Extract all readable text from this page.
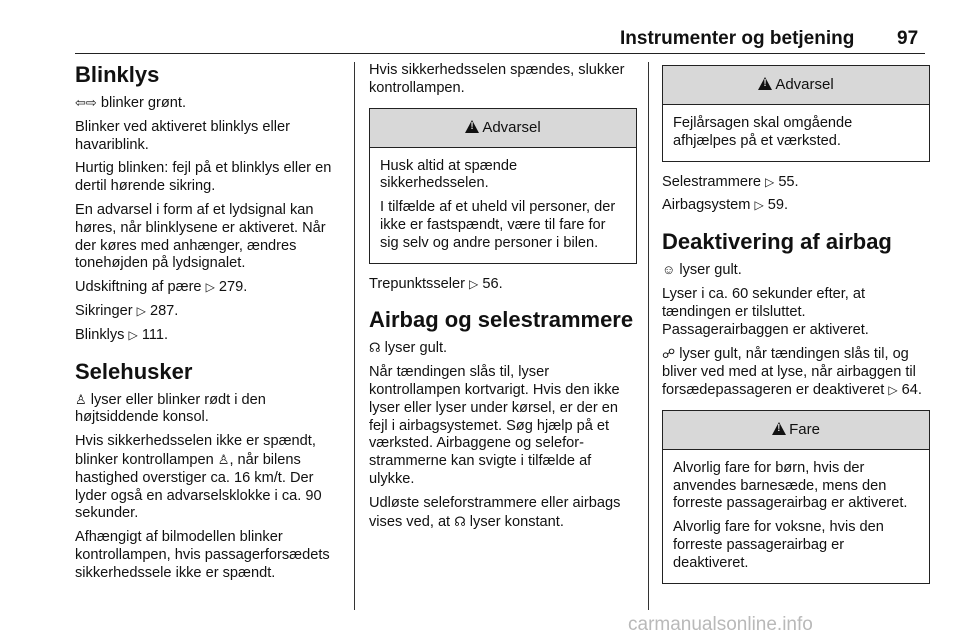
Instrumenter og betjening 97
Blinklys

⇦⇨ blinker grønt.

Blinker ved aktiveret blinklys eller havariblink.

Hurtig blinken: fejl på et blinklys eller en dertil hørende sikring.

En advarsel i form af et lydsignal kan høres, når blinklysene er aktiveret. Når der køres med anhænger, ændres tonehøjden på lydsignalet.

Udskiftning af pære ▷ 279.

Sikringer ▷ 287.

Blinklys ▷ 111.

Selehusker

♙ lyser eller blinker rødt i den højtsiddende konsol.

Hvis sikkerhedsselen ikke er spændt, blinker kontrollampen ♙, når bilens hastighed overstiger ca. 16 km/t. Der lyder også en advarselsklokke i ca. 90 sekunder.

Afhængigt af bilmodellen blinker kontrollampen, hvis passagerforsædets sikkerhedssele ikke er spændt.

Hvis sikkerhedsselen spændes, slukker kontrollampen.

!Advarsel

Husk altid at spænde sikkerhedsselen.

I tilfælde af et uheld vil personer, der ikke er fastspændt, være til fare for sig selv og andre personer i bilen.

Trepunktsseler ▷ 56.

Airbag og selestrammere

☊ lyser gult.

Når tændingen slås til, lyser kontrollampen kortvarigt. Hvis den ikke lyser eller lyser under kørsel, er der en fejl i airbagsystemet. Søg hjælp på et værksted. Airbaggene og seleforstrammerne kan svigte i tilfælde af ulykke.

Udløste seleforstrammere eller airbags vises ved, at ☊ lyser konstant.

!Advarsel

Fejlårsagen skal omgående afhjælpes på et værksted.

Selestrammere ▷ 55.

Airbagsystem ▷ 59.

Deaktivering af airbag

☺ lyser gult.

Lyser i ca. 60 sekunder efter, at tændingen er tilsluttet. Passagerairbaggen er aktiveret.

☍ lyser gult, når tændingen slås til, og bliver ved med at lyse, når airbaggen til forsædepassageren er deaktiveret ▷ 64.

!Fare

Alvorlig fare for børn, hvis der anvendes barnesæde, mens den forreste passagerairbag er aktiveret.

Alvorlig fare for voksne, hvis den forreste passagerairbag er deaktiveret.

carmanualsonline.info
